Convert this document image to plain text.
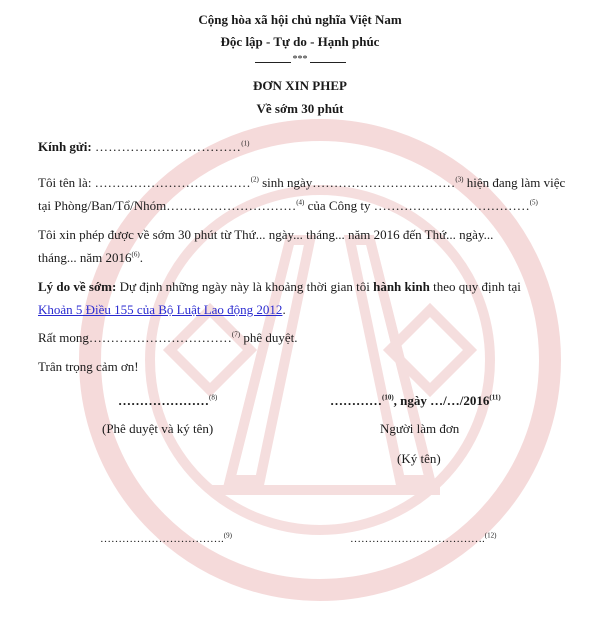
Cộng hòa xã hội chủ nghĩa Việt Nam
Độc lập - Tự do - Hạnh phúc
***
ĐƠN XIN PHEP
Về sớm 30 phút
Kính gửi: ……………………………$^{(1)}$
Tôi tên là: ………………………………$^{(2)}$ sinh ngày……………………………$^{(3)}$ hiện đang làm việc
tại Phòng/Ban/Tổ/Nhóm…………………………$^{(4)}$ của Công ty ………………………………$^{(5)}$
Tôi xin phép được về sớm 30 phút từ Thứ... ngày... tháng... năm 2016 đến Thứ... ngày...
tháng... năm 2016$^{(6)}$.
Lý do về sớm: Dự định những ngày này là khoảng thời gian tôi hành kinh theo quy định tại
Khoản 5 Điều 155 của Bộ Luật Lao động 2012.
Rất mong……………………………$^{(7)}$ phê duyệt.
Trân trọng cảm ơn!
…………………$^{(8)}$
(Phê duyệt và ký tên)
…………$^{(10)}$, ngày …/…/2016$^{(11)}$
Người làm đơn
(Ký tên)
…………………………….$^{(9)}$	……………………………….$^{(12)}$
